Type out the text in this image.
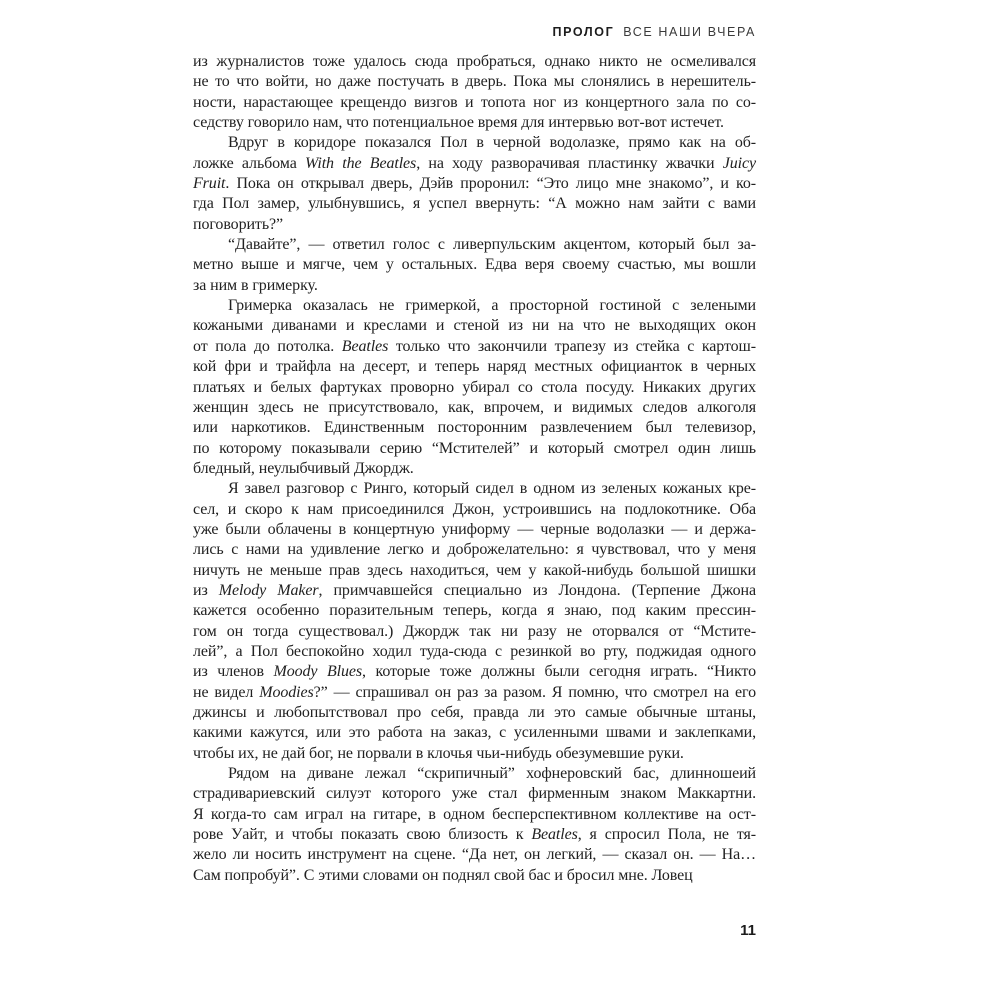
ПРОЛОГ ВСЕ НАШИ ВЧЕРА
из журналистов тоже удалось сюда пробраться, однако никто не осмеливался
не то что войти, но даже постучать в дверь. Пока мы слонялись в нерешитель-
ности, нарастающее крещендо визгов и топота ног из концертного зала по со-
седству говорило нам, что потенциальное время для интервью вот-вот истечет.
Вдруг в коридоре показался Пол в черной водолазке, прямо как на об-
ложке альбома With the Beatles, на ходу разворачивая пластинку жвачки Juicy
Fruit. Пока он открывал дверь, Дэйв проронил: “Это лицо мне знакомо”, и ко-
гда Пол замер, улыбнувшись, я успел ввернуть: “А можно нам зайти с вами
поговорить?”
“Давайте”, — ответил голос с ливерпульским акцентом, который был за-
метно выше и мягче, чем у остальных. Едва веря своему счастью, мы вошли
за ним в гримерку.
Гримерка оказалась не гримеркой, а просторной гостиной с зелеными
кожаными диванами и креслами и стеной из ни на что не выходящих окон
от пола до потолка. Beatles только что закончили трапезу из стейка с картош-
кой фри и трайфла на десерт, и теперь наряд местных официанток в черных
платьях и белых фартуках проворно убирал со стола посуду. Никаких других
женщин здесь не присутствовало, как, впрочем, и видимых следов алкоголя
или наркотиков. Единственным посторонним развлечением был телевизор,
по которому показывали серию “Мстителей” и который смотрел один лишь
бледный, неулыбчивый Джордж.
Я завел разговор с Ринго, который сидел в одном из зеленых кожаных кре-
сел, и скоро к нам присоединился Джон, устроившись на подлокотнике. Оба
уже были облачены в концертную униформу — черные водолазки — и держа-
лись с нами на удивление легко и доброжелательно: я чувствовал, что у меня
ничуть не меньше прав здесь находиться, чем у какой-нибудь большой шишки
из Melody Maker, примчавшейся специально из Лондона. (Терпение Джона
кажется особенно поразительным теперь, когда я знаю, под каким прессин-
гом он тогда существовал.) Джордж так ни разу не оторвался от “Мстите-
лей”, а Пол беспокойно ходил туда-сюда с резинкой во рту, поджидая одного
из членов Moody Blues, которые тоже должны были сегодня играть. “Никто
не видел Moodies?” — спрашивал он раз за разом. Я помню, что смотрел на его
джинсы и любопытствовал про себя, правда ли это самые обычные штаны,
какими кажутся, или это работа на заказ, с усиленными швами и заклепками,
чтобы их, не дай бог, не порвали в клочья чьи-нибудь обезумевшие руки.
Рядом на диване лежал “скрипичный” хофнеровский бас, длинношеий
страдивариевский силуэт которого уже стал фирменным знаком Маккартни.
Я когда-то сам играл на гитаре, в одном бесперспективном коллективе на ост-
рове Уайт, и чтобы показать свою близость к Beatles, я спросил Пола, не тя-
жело ли носить инструмент на сцене. “Да нет, он легкий, — сказал он. — На…
Сам попробуй”. С этими словами он поднял свой бас и бросил мне. Ловец
11
